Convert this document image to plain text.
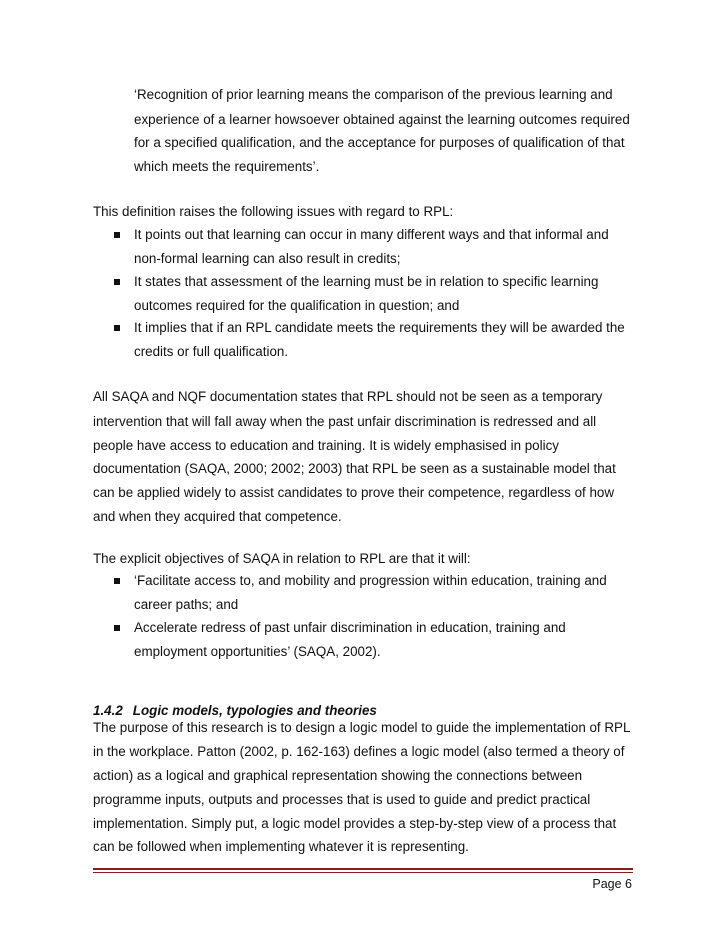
‘Recognition of prior learning means the comparison of the previous learning and
experience of a learner howsoever obtained against the learning outcomes required
for a specified qualification, and the acceptance for purposes of qualification of that
which meets the requirements’.
This definition raises the following issues with regard to RPL:
It points out that learning can occur in many different ways and that informal and
non-formal learning can also result in credits;
It states that assessment of the learning must be in relation to specific learning
outcomes required for the qualification in question; and
It implies that if an RPL candidate meets the requirements they will be awarded the
credits or full qualification.
All SAQA and NQF documentation states that RPL should not be seen as a temporary
intervention that will fall away when the past unfair discrimination is redressed and all
people have access to education and training. It is widely emphasised in policy
documentation (SAQA, 2000; 2002; 2003) that RPL be seen as a sustainable model that
can be applied widely to assist candidates to prove their competence, regardless of how
and when they acquired that competence.
The explicit objectives of SAQA in relation to RPL are that it will:
‘Facilitate access to, and mobility and progression within education, training and
career paths; and
Accelerate redress of past unfair discrimination in education, training and
employment opportunities’ (SAQA, 2002).
1.4.2 Logic models, typologies and theories
The purpose of this research is to design a logic model to guide the implementation of RPL
in the workplace. Patton (2002, p. 162-163) defines a logic model (also termed a theory of
action) as a logical and graphical representation showing the connections between
programme inputs, outputs and processes that is used to guide and predict practical
implementation. Simply put, a logic model provides a step-by-step view of a process that
can be followed when implementing whatever it is representing.
Page 6
